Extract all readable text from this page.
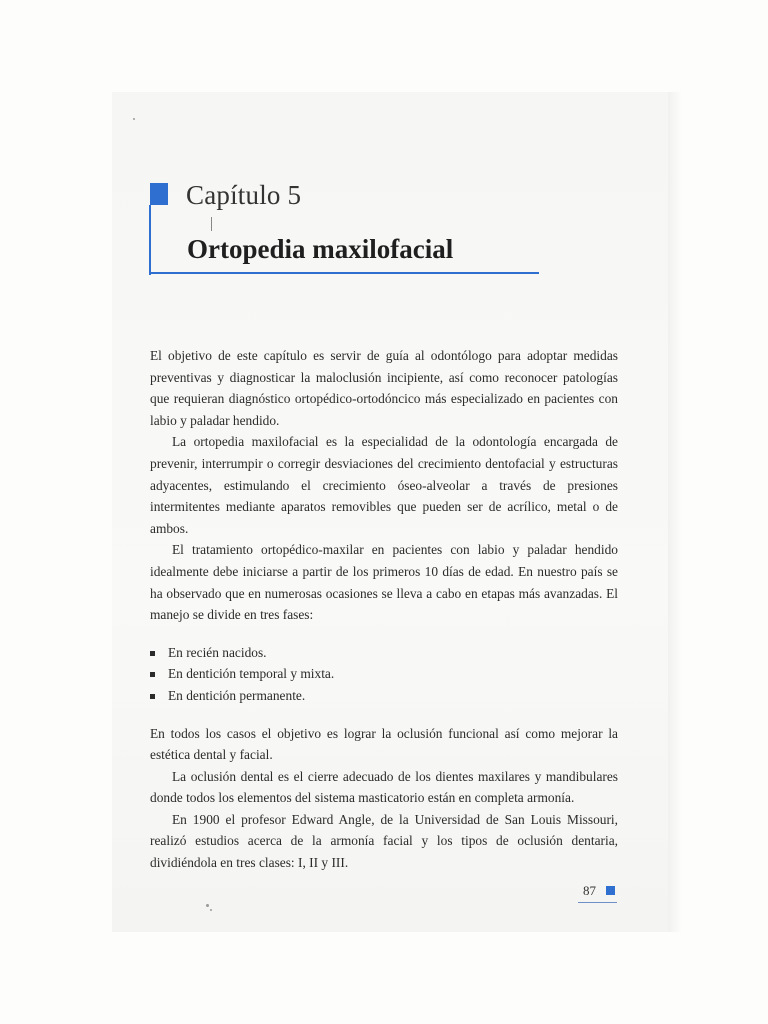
Capítulo 5
Ortopedia maxilofacial

El objetivo de este capítulo es servir de guía al odontólogo para adoptar medidas preventivas y diagnosticar la maloclusión incipiente, así como reconocer patologías que requieran diagnóstico ortopédico-ortodóncico más especializado en pacientes con labio y paladar hendido.

La ortopedia maxilofacial es la especialidad de la odontología encargada de prevenir, interrumpir o corregir desviaciones del crecimiento dentofacial y estructuras adyacentes, estimulando el crecimiento óseo-alveolar a través de presiones intermitentes mediante aparatos removibles que pueden ser de acrílico, metal o de ambos.

El tratamiento ortopédico-maxilar en pacientes con labio y paladar hendido idealmente debe iniciarse a partir de los primeros 10 días de edad. En nuestro país se ha observado que en numerosas ocasiones se lleva a cabo en etapas más avanzadas. El manejo se divide en tres fases:

En recién nacidos.
En dentición temporal y mixta.
En dentición permanente.

En todos los casos el objetivo es lograr la oclusión funcional así como mejorar la estética dental y facial.

La oclusión dental es el cierre adecuado de los dientes maxilares y mandibulares donde todos los elementos del sistema masticatorio están en completa armonía.

En 1900 el profesor Edward Angle, de la Universidad de San Louis Missouri, realizó estudios acerca de la armonía facial y los tipos de oclusión dentaria, dividiéndola en tres clases: I, II y III.

87
